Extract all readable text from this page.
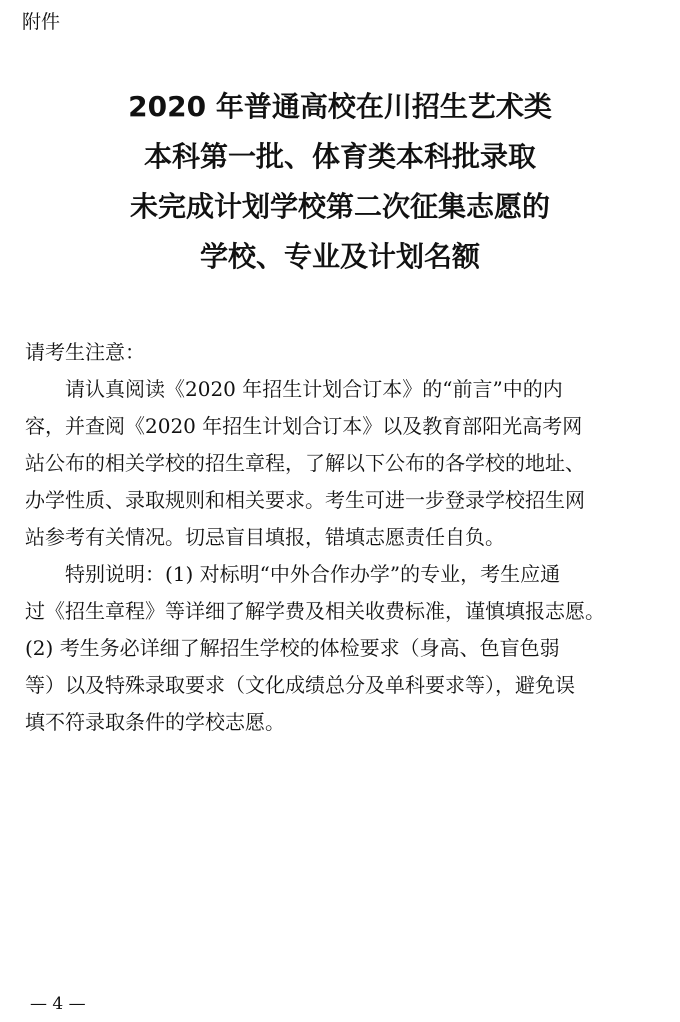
附件
2020 年普通高校在川招生艺术类
本科第一批、体育类本科批录取
未完成计划学校第二次征集志愿的
学校、专业及计划名额
请考生注意：
请认真阅读《2020 年招生计划合订本》的“前言”中的内
容，并查阅《2020 年招生计划合订本》以及教育部阳光高考网
站公布的相关学校的招生章程，了解以下公布的各学校的地址、
办学性质、录取规则和相关要求。考生可进一步登录学校招生网
站参考有关情况。切忌盲目填报，错填志愿责任自负。
特别说明：(1) 对标明“中外合作办学”的专业，考生应通
过《招生章程》等详细了解学费及相关收费标准，谨慎填报志愿。
(2) 考生务必详细了解招生学校的体检要求（身高、色盲色弱
等）以及特殊录取要求（文化成绩总分及单科要求等），避免误
填不符录取条件的学校志愿。
— 4 —
